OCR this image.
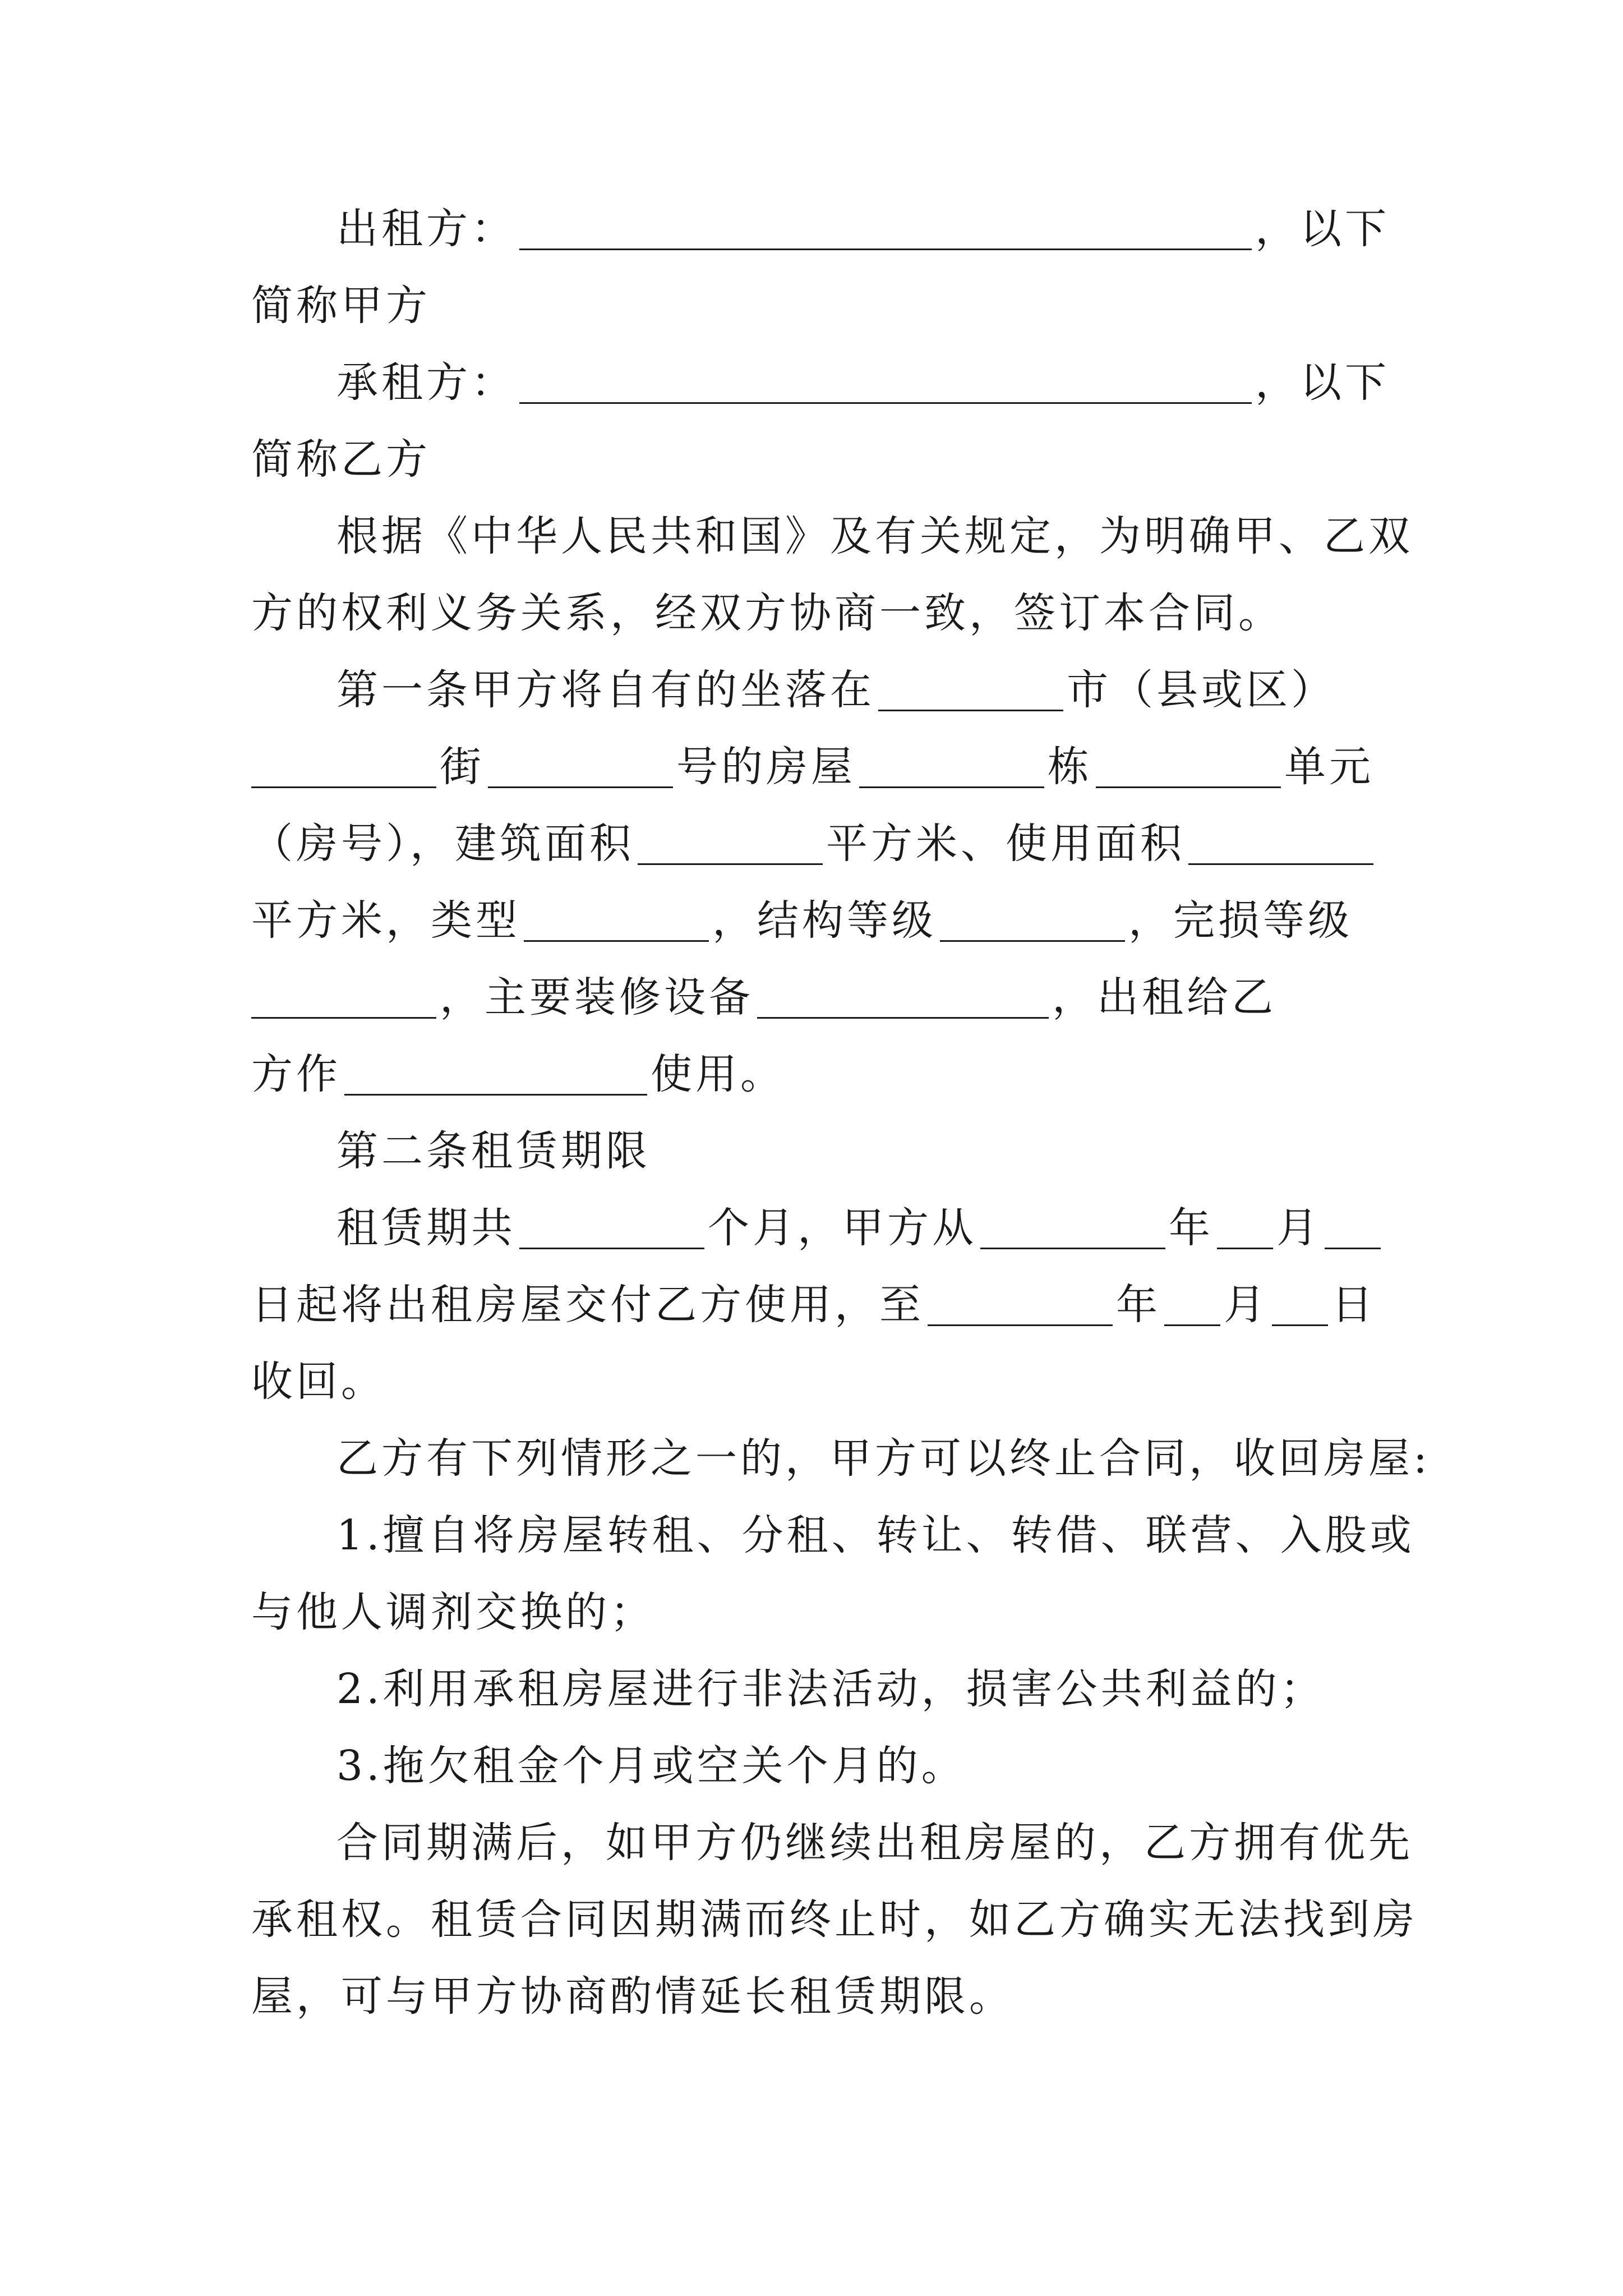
出租方：	，以下
简称甲方
承租方：	，以下
简称乙方
根据《中华人民共和国》及有关规定，为明确甲、乙双
方的权利义务关系，经双方协商一致，签订本合同。
第一条甲方将自有的坐落在	市（县或区）
街	号的房屋	栋	单元
（房号），建筑面积	平方米、使用面积
平方米，类型	，结构等级	，完损等级
，主要装修设备	，出租给乙
方作	使用。
第二条租赁期限
租赁期共	个月，甲方从	年 月
日起将出租房屋交付乙方使用，至	年 月 日
收回。
乙方有下列情形之一的，甲方可以终止合同，收回房屋:
1.擅自将房屋转租、分租、转让、转借、联营、入股或
与他人调剂交换的；
2.利用承租房屋进行非法活动，损害公共利益的；
3.拖欠租金个月或空关个月的。
合同期满后，如甲方仍继续出租房屋的，乙方拥有优先
承租权。租赁合同因期满而终止时，如乙方确实无法找到房
屋，可与甲方协商酌情延长租赁期限。
